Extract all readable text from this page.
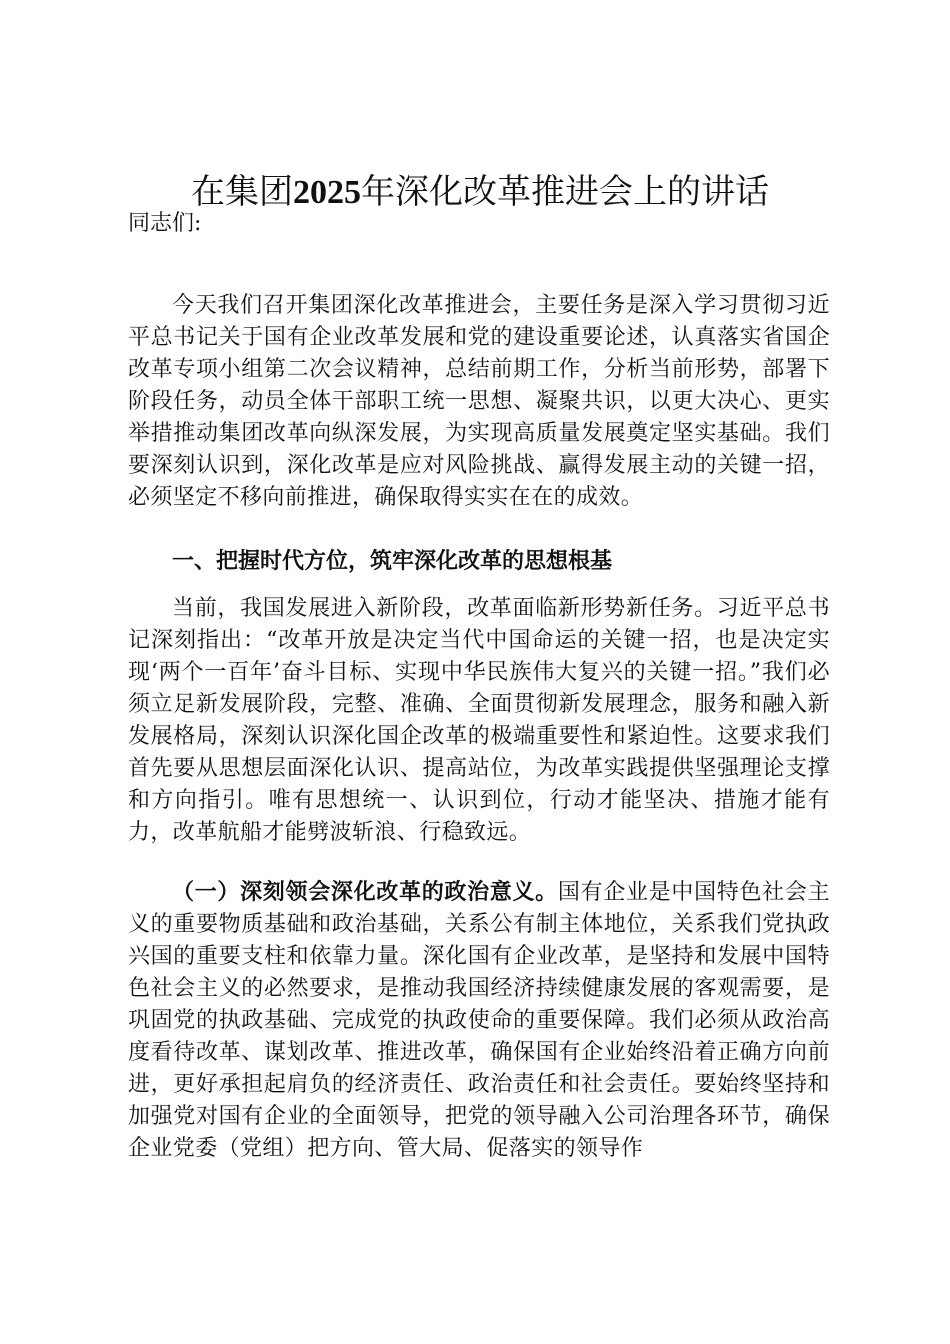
在集团2025年深化改革推进会上的讲话
同志们:

今天我们召开集团深化改革推进会，主要任务是深入学习贯彻习近平总书记关于国有企业改革发展和党的建设重要论述，认真落实省国企改革专项小组第二次会议精神，总结前期工作，分析当前形势，部署下阶段任务，动员全体干部职工统一思想、凝聚共识，以更大决心、更实举措推动集团改革向纵深发展，为实现高质量发展奠定坚实基础。我们要深刻认识到，深化改革是应对风险挑战、赢得发展主动的关键一招，必须坚定不移向前推进，确保取得实实在在的成效。

一、把握时代方位，筑牢深化改革的思想根基

当前，我国发展进入新阶段，改革面临新形势新任务。习近平总书记深刻指出：“改革开放是决定当代中国命运的关键一招，也是决定实现‘两个一百年’奋斗目标、实现中华民族伟大复兴的关键一招。”我们必须立足新发展阶段，完整、准确、全面贯彻新发展理念，服务和融入新发展格局，深刻认识深化国企改革的极端重要性和紧迫性。这要求我们首先要从思想层面深化认识、提高站位，为改革实践提供坚强理论支撑和方向指引。唯有思想统一、认识到位，行动才能坚决、措施才能有力，改革航船才能劈波斩浪、行稳致远。

（一）深刻领会深化改革的政治意义。国有企业是中国特色社会主义的重要物质基础和政治基础，关系公有制主体地位，关系我们党执政兴国的重要支柱和依靠力量。深化国有企业改革，是坚持和发展中国特色社会主义的必然要求，是推动我国经济持续健康发展的客观需要，是巩固党的执政基础、完成党的执政使命的重要保障。我们必须从政治高度看待改革、谋划改革、推进改革，确保国有企业始终沿着正确方向前进，更好承担起肩负的经济责任、政治责任和社会责任。要始终坚持和加强党对国有企业的全面领导，把党的领导融入公司治理各环节，确保企业党委（党组）把方向、管大局、促落实的领导作
